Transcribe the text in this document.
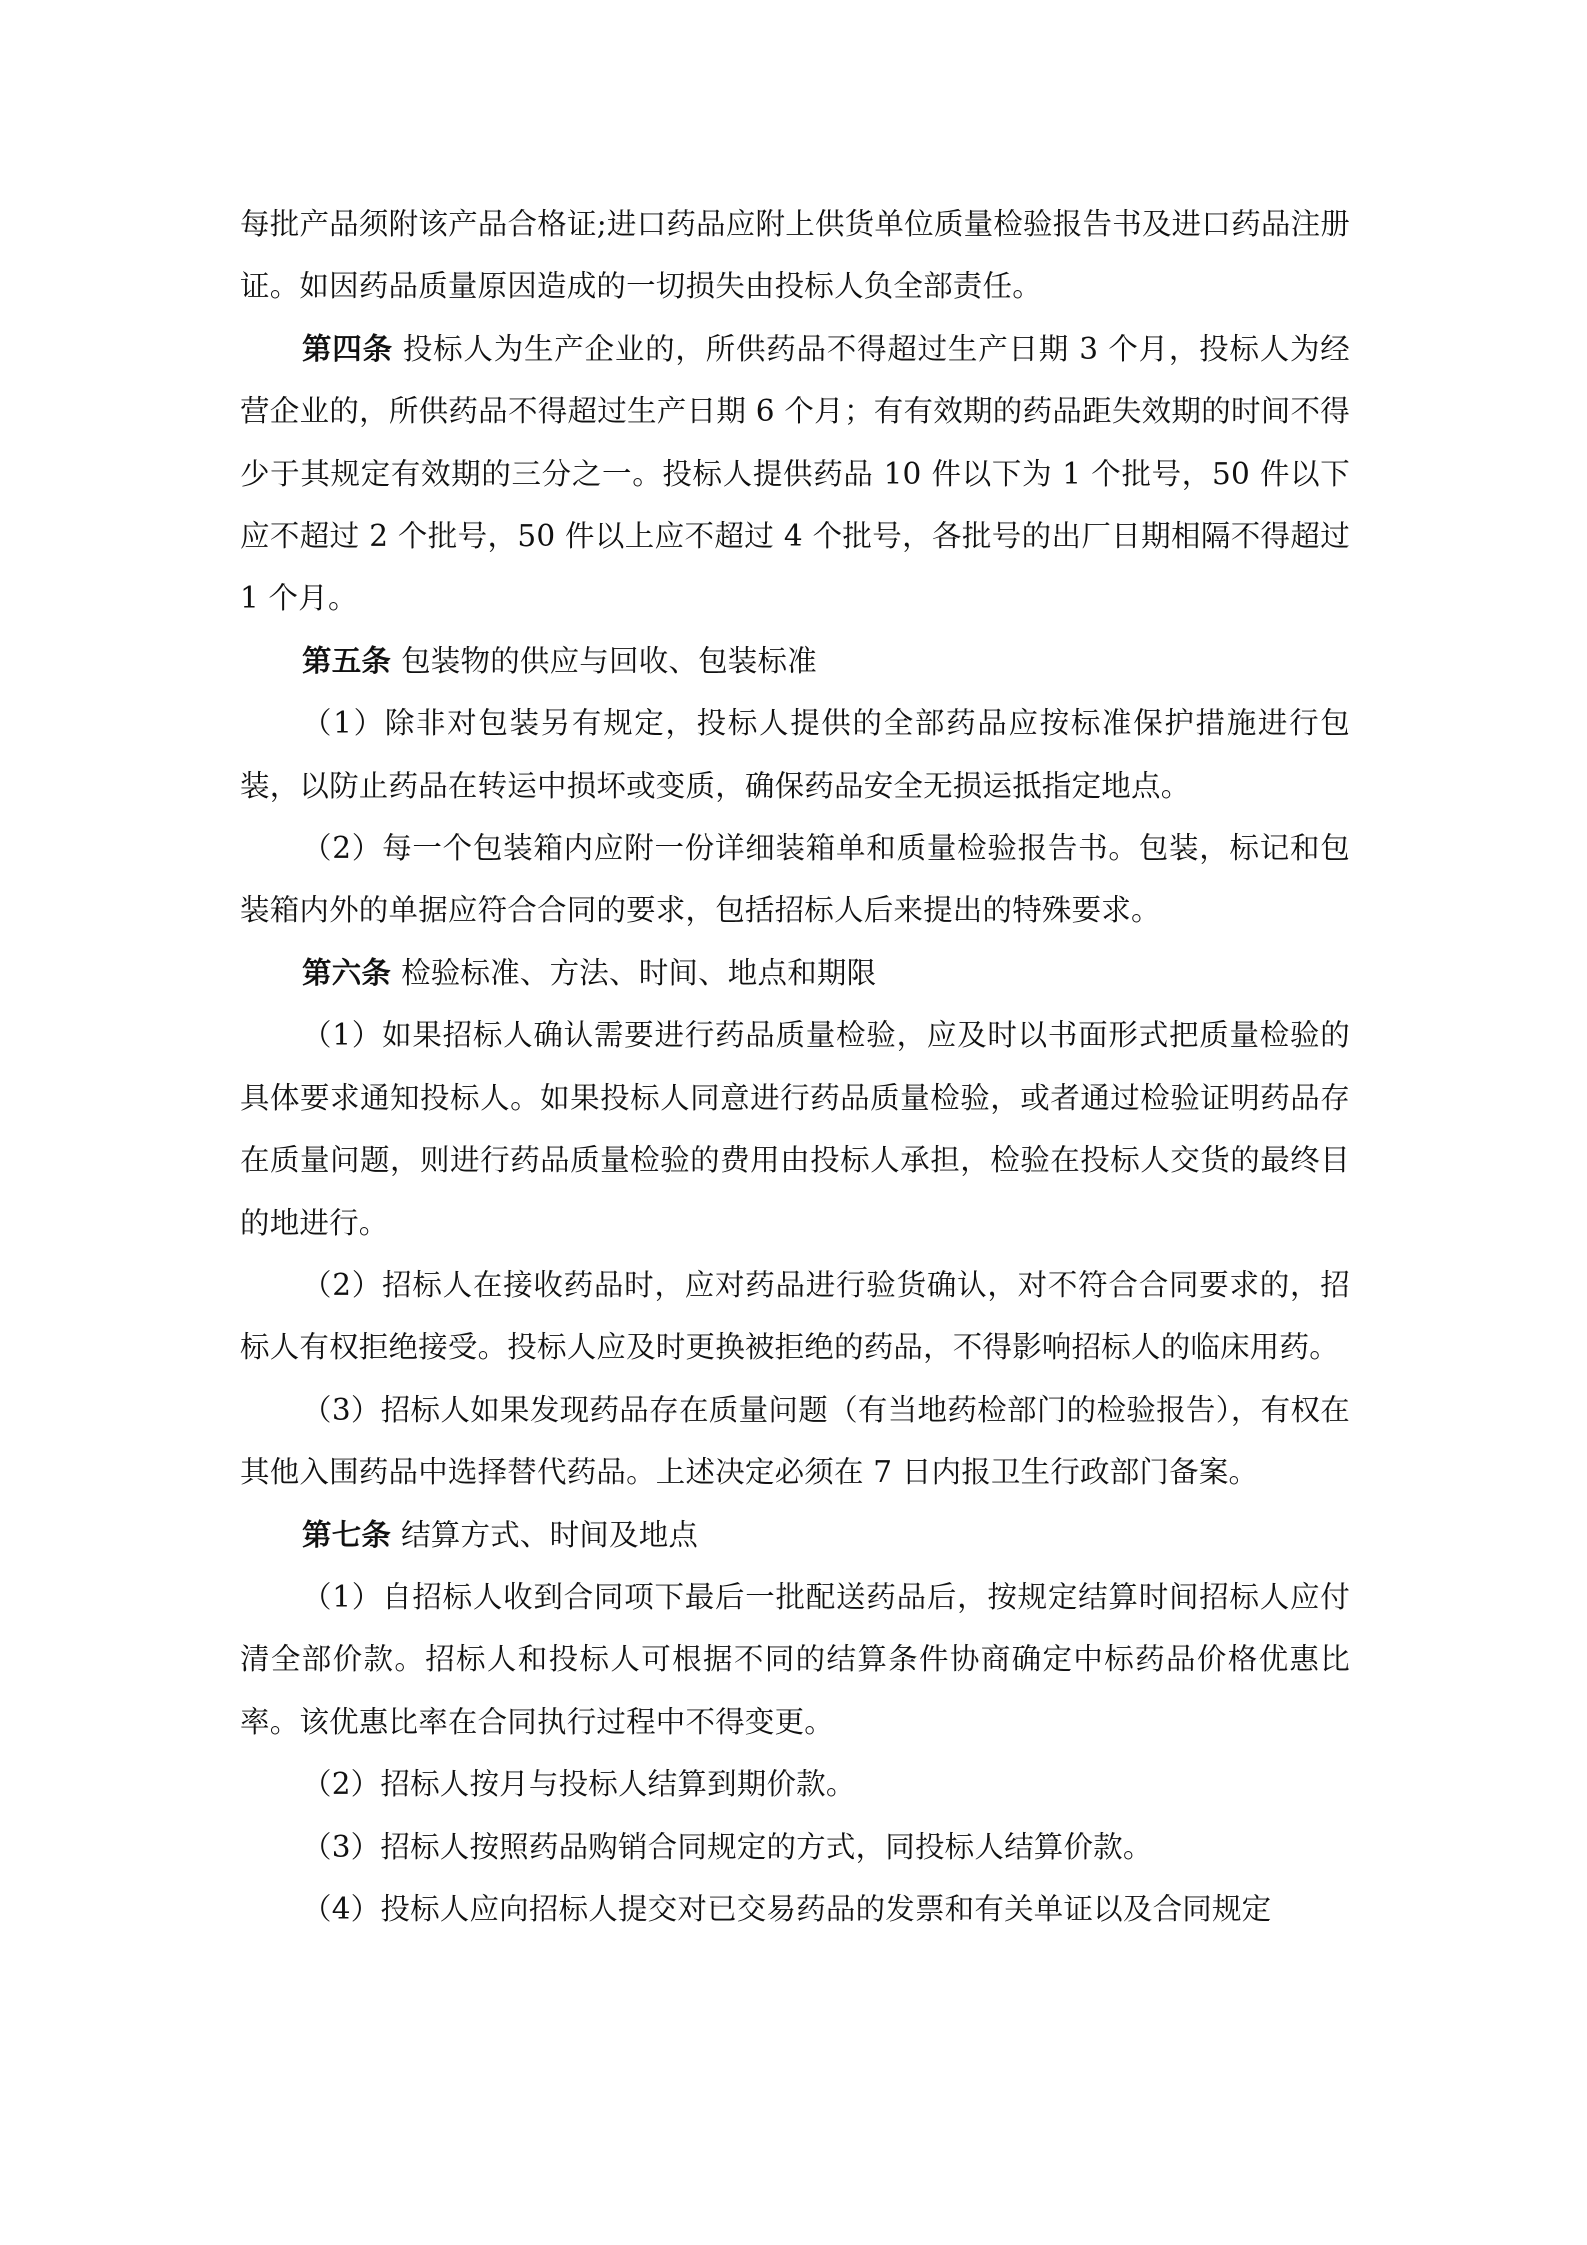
每批产品须附该产品合格证;进口药品应附上供货单位质量检验报告书及进口药品注册证。如因药品质量原因造成的一切损失由投标人负全部责任。

第四条 投标人为生产企业的，所供药品不得超过生产日期 3 个月，投标人为经营企业的，所供药品不得超过生产日期 6 个月；有有效期的药品距失效期的时间不得少于其规定有效期的三分之一。投标人提供药品 10 件以下为 1 个批号，50 件以下应不超过 2 个批号，50 件以上应不超过 4 个批号，各批号的出厂日期相隔不得超过 1 个月。

第五条 包装物的供应与回收、包装标准

（1）除非对包装另有规定，投标人提供的全部药品应按标准保护措施进行包装，以防止药品在转运中损坏或变质，确保药品安全无损运抵指定地点。

（2）每一个包装箱内应附一份详细装箱单和质量检验报告书。包装，标记和包装箱内外的单据应符合合同的要求，包括招标人后来提出的特殊要求。

第六条 检验标准、方法、时间、地点和期限

（1）如果招标人确认需要进行药品质量检验，应及时以书面形式把质量检验的具体要求通知投标人。如果投标人同意进行药品质量检验，或者通过检验证明药品存在质量问题，则进行药品质量检验的费用由投标人承担，检验在投标人交货的最终目的地进行。

（2）招标人在接收药品时，应对药品进行验货确认，对不符合合同要求的，招标人有权拒绝接受。投标人应及时更换被拒绝的药品，不得影响招标人的临床用药。

（3）招标人如果发现药品存在质量问题（有当地药检部门的检验报告），有权在其他入围药品中选择替代药品。上述决定必须在 7 日内报卫生行政部门备案。

第七条 结算方式、时间及地点

（1）自招标人收到合同项下最后一批配送药品后，按规定结算时间招标人应付清全部价款。招标人和投标人可根据不同的结算条件协商确定中标药品价格优惠比率。该优惠比率在合同执行过程中不得变更。

（2）招标人按月与投标人结算到期价款。

（3）招标人按照药品购销合同规定的方式，同投标人结算价款。

（4）投标人应向招标人提交对已交易药品的发票和有关单证以及合同规定
